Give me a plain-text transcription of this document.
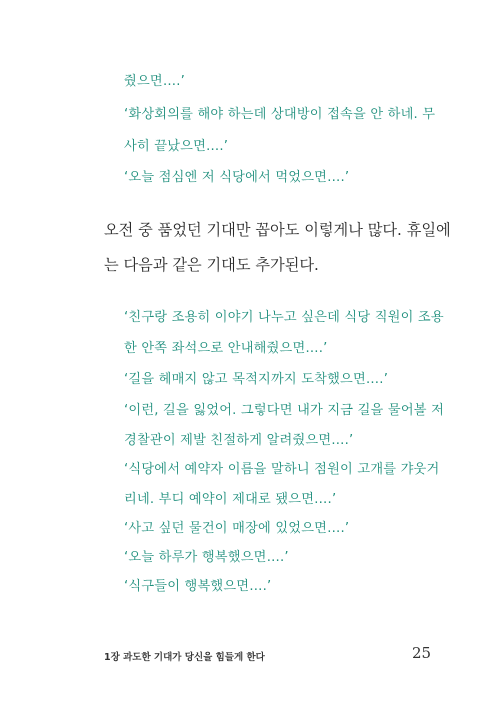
줬으면….’

‘화상회의를 해야 하는데 상대방이 접속을 안 하네. 무

사히 끝났으면….’

‘오늘 점심엔 저 식당에서 먹었으면….’

오전 중 품었던 기대만 꼽아도 이렇게나 많다. 휴일에

는 다음과 같은 기대도 추가된다.

‘친구랑 조용히 이야기 나누고 싶은데 식당 직원이 조용

한 안쪽 좌석으로 안내해줬으면….’

‘길을 헤매지 않고 목적지까지 도착했으면….’

‘이런, 길을 잃었어. 그렇다면 내가 지금 길을 물어볼 저

경찰관이 제발 친절하게 알려줬으면….’

‘식당에서 예약자 이름을 말하니 점원이 고개를 갸웃거

리네. 부디 예약이 제대로 됐으면….’

‘사고 싶던 물건이 매장에 있었으면….’

‘오늘 하루가 행복했으면….’

‘식구들이 행복했으면….’

1장 과도한 기대가 당신을 힘들게 한다	25
